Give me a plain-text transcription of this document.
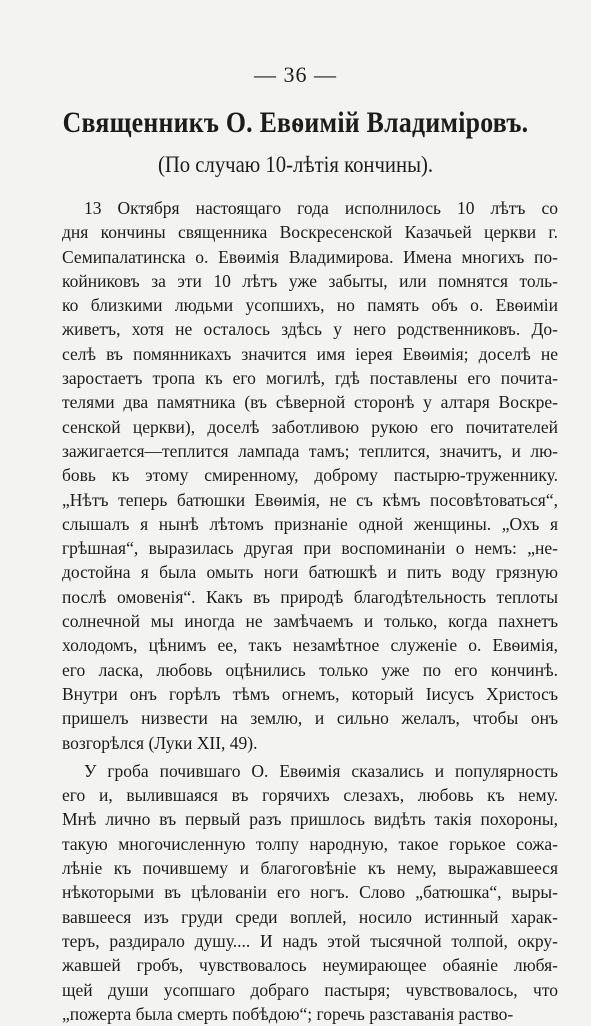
— 36 —
Священникъ О. Евѳимій Владиміровъ.
(По случаю 10-лѣтія кончины).
13 Октября настоящаго года исполнилось 10 лѣтъ со
дня кончины священника Воскресенской Казачьей церкви г.
Семипалатинска о. Евѳимія Владимирова. Имена многихъ по-
койниковъ за эти 10 лѣтъ уже забыты, или помнятся толь-
ко близкими людьми усопшихъ, но память объ о. Евѳиміи
живетъ, хотя не осталось здѣсь у него родственниковъ. До-
селѣ въ помянникахъ значится имя iерея Евѳимія; доселѣ не
заростаетъ тропа къ его могилѣ, гдѣ поставлены его почита-
телями два памятника (въ сѣверной сторонѣ у алтаря Воскре-
сенской церкви), доселѣ заботливою рукою его почитателей
зажигается—теплится лампада тамъ; теплится, значитъ, и лю-
бовь къ этому смиренному, доброму пастырю-труженнику.
„Нѣтъ теперь батюшки Евѳимія, не съ кѣмъ посовѣтоваться“,
слышалъ я нынѣ лѣтомъ признаніе одной женщины. „Охъ я
грѣшная“, выразилась другая при воспоминаніи о немъ: „не-
достойна я была омыть ноги батюшкѣ и пить воду грязную
послѣ омовенія“. Какъ въ природѣ благодѣтельность теплоты
солнечной мы иногда не замѣчаемъ и только, когда пахнетъ
холодомъ, цѣнимъ ее, такъ незамѣтное служеніе о. Евѳимія,
его ласка, любовь оцѣнились только уже по его кончинѣ.
Внутри онъ горѣлъ тѣмъ огнемъ, который Iисусъ Христосъ
пришелъ низвести на землю, и сильно желалъ, чтобы онъ
возгорѣлся (Луки XII, 49).
У гроба почившаго О. Евѳимія сказались и популярность
его и, вылившаяся въ горячихъ слезахъ, любовь къ нему.
Мнѣ лично въ первый разъ пришлось видѣть такія похороны,
такую многочисленную толпу народную, такое горькое сожа-
лѣніе къ почившему и благоговѣніе къ нему, выражавшееся
нѣкоторыми въ цѣлованіи его ногъ. Слово „батюшка“, выры-
вавшееся изъ груди среди воплей, носило истинный харак-
теръ, раздирало душу.... И надъ этой тысячной толпой, окру-
жавшей гробъ, чувствовалось неумирающее обаяніе любя-
щей души усопшаго добраго пастыря; чувствовалось, что
„пожерта была смерть побѣдою“; горечь разставанія раство-
